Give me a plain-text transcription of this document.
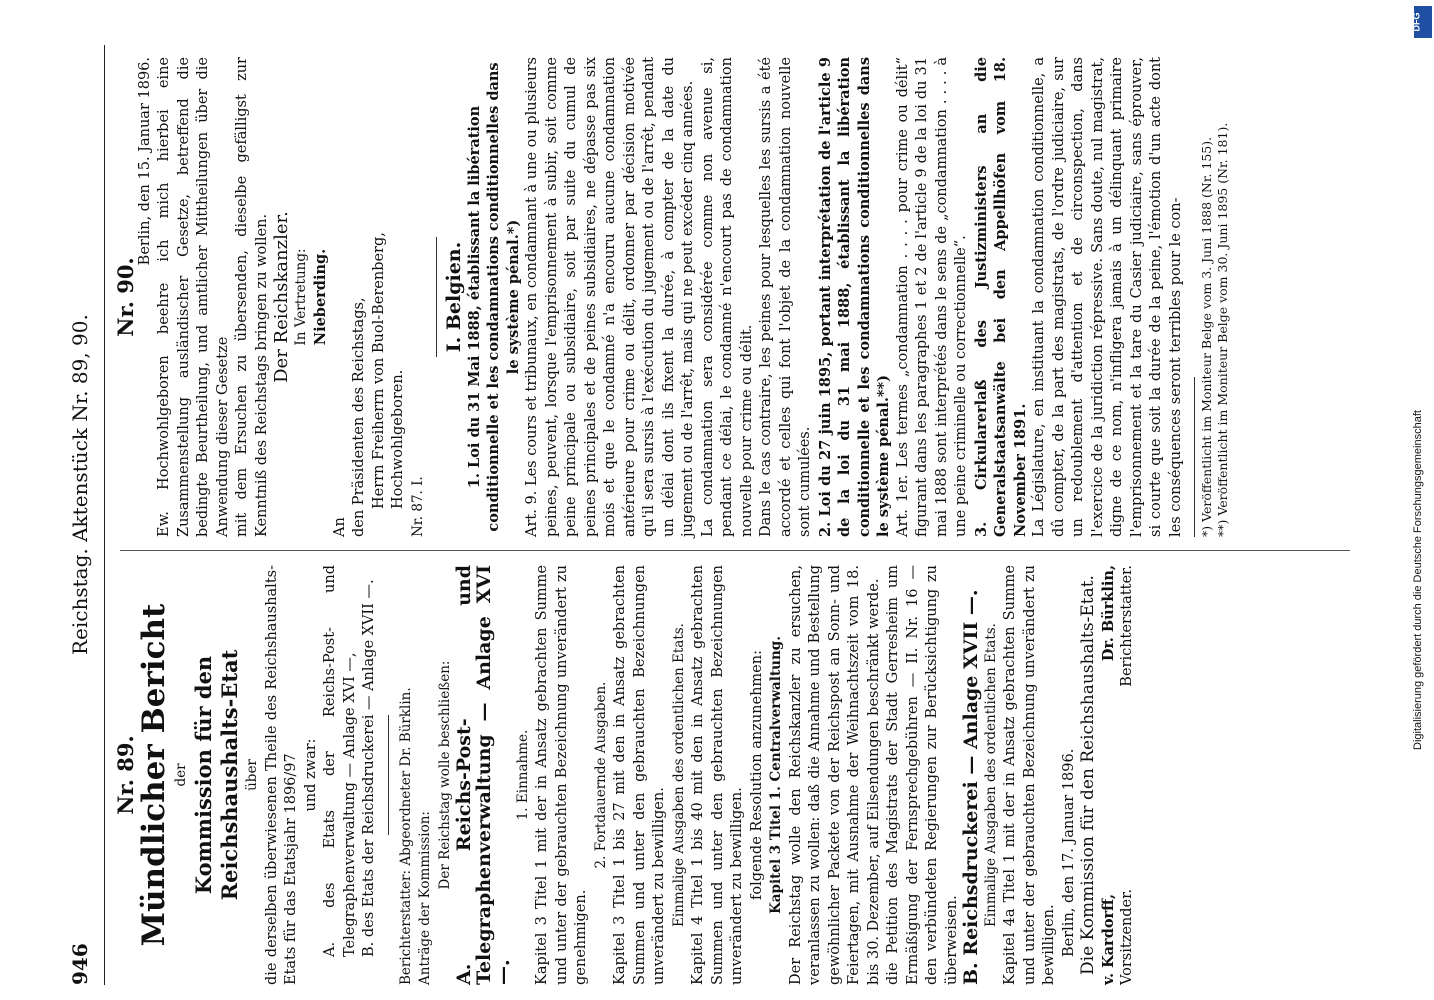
946
Reichstag. Aktenstück Nr. 89, 90.

Nr. 89.

Mündlicher Bericht der Kommission für den Reichshaushalts-Etat über die derselben überwiesenen Theile des Reichshaushalts-Etats für das Etatsjahr 1896/97 und zwar: A. des Etats der Reichs-Post- und Telegraphenverwaltung — Anlage XVI —, B. des Etats der Reichsdruckerei — Anlage XVII —. Berichterstatter: Abgeordneter Dr. Bürklin. Anträge der Kommission:

Der Reichstag wolle beschließen: A. Reichs-Post- und Telegraphenverwaltung — Anlage XVI —.

1. Einnahme. Kapitel 3 Titel 1 mit der in Ansatz gebrachten Summe und unter der gebrauchten Bezeichnung unverändert zu genehmigen.

2. Fortdauernde Ausgaben. Kapitel 3 Titel 1 bis 27 mit den in Ansatz gebrachten Summen und unter den gebrauchten Bezeichnungen unverändert zu bewilligen. Einmalige Ausgaben des ordentlichen Etats. Kapitel 4 Titel 1 bis 40 mit den in Ansatz gebrachten Summen und unter den gebrauchten Bezeichnungen unverändert zu bewilligen. folgende Resolution anzunehmen: Kapitel 3 Titel 1. Centralverwaltung. Der Reichstag wolle den Reichskanzler zu ersuchen, veranlassen zu wollen: daß die Annahme und Bestellung gewöhnlicher Packete von der Reichspost an Sonn- und Feiertagen, mit Ausnahme der Weihnachtszeit vom 18. bis 30. Dezember, auf Eilsendungen beschränkt werde. die Petition des Magistrats der Stadt Gerresheim um Ermäßigung der Fernsprechgebühren — II. Nr. 16 — den verbündeten Regierungen zur Berücksichtigung zu überweisen. B. Reichsdruckerei — Anlage XVII —. Einmalige Ausgaben des ordentlichen Etats. Kapitel 4a Titel 1 mit der in Ansatz gebrachten Summe und unter der gebrauchten Bezeichnung unverändert zu bewilligen. Berlin, den 17. Januar 1896. Die Kommission für den Reichshaushalts-Etat. v. Kardorff, Vorsitzender.
Dr. Bürklin, Berichterstatter.

Nr. 90.

Berlin, den 15. Januar 1896. Ew. Hochwohlgeboren beehre ich mich hierbei eine Zusammenstellung ausländischer Gesetze, betreffend die bedingte Beurtheilung, und amtlicher Mittheilungen über die Anwendung dieser Gesetze mit dem Ersuchen zu übersenden, dieselbe gefälligst zur Kenntniß des Reichstags bringen zu wollen. Der Reichskanzler. In Vertretung: Nieberding.

An den Präsidenten des Reichstags, Herrn Freiherrn von Buol-Berenberg, Hochwohlgeboren. Nr. 87. I.

I. Belgien. 1. Loi du 31 Mai 1888, établissant la libération conditionnelle et les condamnations conditionnelles dans le système pénal.*) Art. 9. Les cours et tribunaux, en condamnant à une ou plusieurs peines, peuvent, lorsque l'emprisonnement à subir, soit comme peine principale ou subsidiaire, soit par suite du cumul de peines principales et de peines subsidiaires, ne dépasse pas six mois et que le condamné n'a encouru aucune condamnation antérieure pour crime ou délit, ordonner par décision motivée qu'il sera sursis à l'exécution du jugement ou de l'arrêt, pendant un délai dont ils fixent la durée, à compter de la date du jugement ou de l'arrêt, mais qui ne peut excéder cinq années. La condamnation sera considérée comme non avenue si, pendant ce délai, le condamné n'encourt pas de condamnation nouvelle pour crime ou délit. Dans le cas contraire, les peines pour lesquelles les sursis a été accordé et celles qui font l'objet de la condamnation nouvelle sont cumulées. 2. Loi du 27 juin 1895, portant interprétation de l'article 9 de la loi du 31 mai 1888, établissant la libération conditionnelle et les condamnations conditionnelles dans le système pénal.**) Art. 1er. Les termes „condamnation . . . . pour crime ou délit“ figurant dans les paragraphes 1 et 2 de l'article 9 de la loi du 31 mai 1888 sont interprétés dans le sens de „condamnation . . . . à une peine criminelle ou correctionnelle“. 3. Cirkularerlaß des Justizministers an die Generalstaatsanwälte bei den Appellhöfen vom 18. November 1891. La Législature, en instituant la condamnation conditionnelle, a dû compter, de la part des magistrats, de l'ordre judiciaire, sur un redoublement d'attention et de circonspection, dans l'exercice de la juridiction répressive. Sans doute, nul magistrat, digne de ce nom, n'infligera jamais à un délinquant primaire l'emprisonnement et la tare du Casier judiciaire, sans éprouver, si courte que soit la durée de la peine, l'émotion d'un acte dont les conséquences seront terribles pour le con- *) Veröffentlicht im Moniteur Belge vom 3. Juni 1888 (Nr. 155). **) Veröffentlicht im Moniteur Belge vom 30. Juni 1895 (Nr. 181).

DFG
Digitalisierung gefördert durch die Deutsche Forschungsgemeinschaft
